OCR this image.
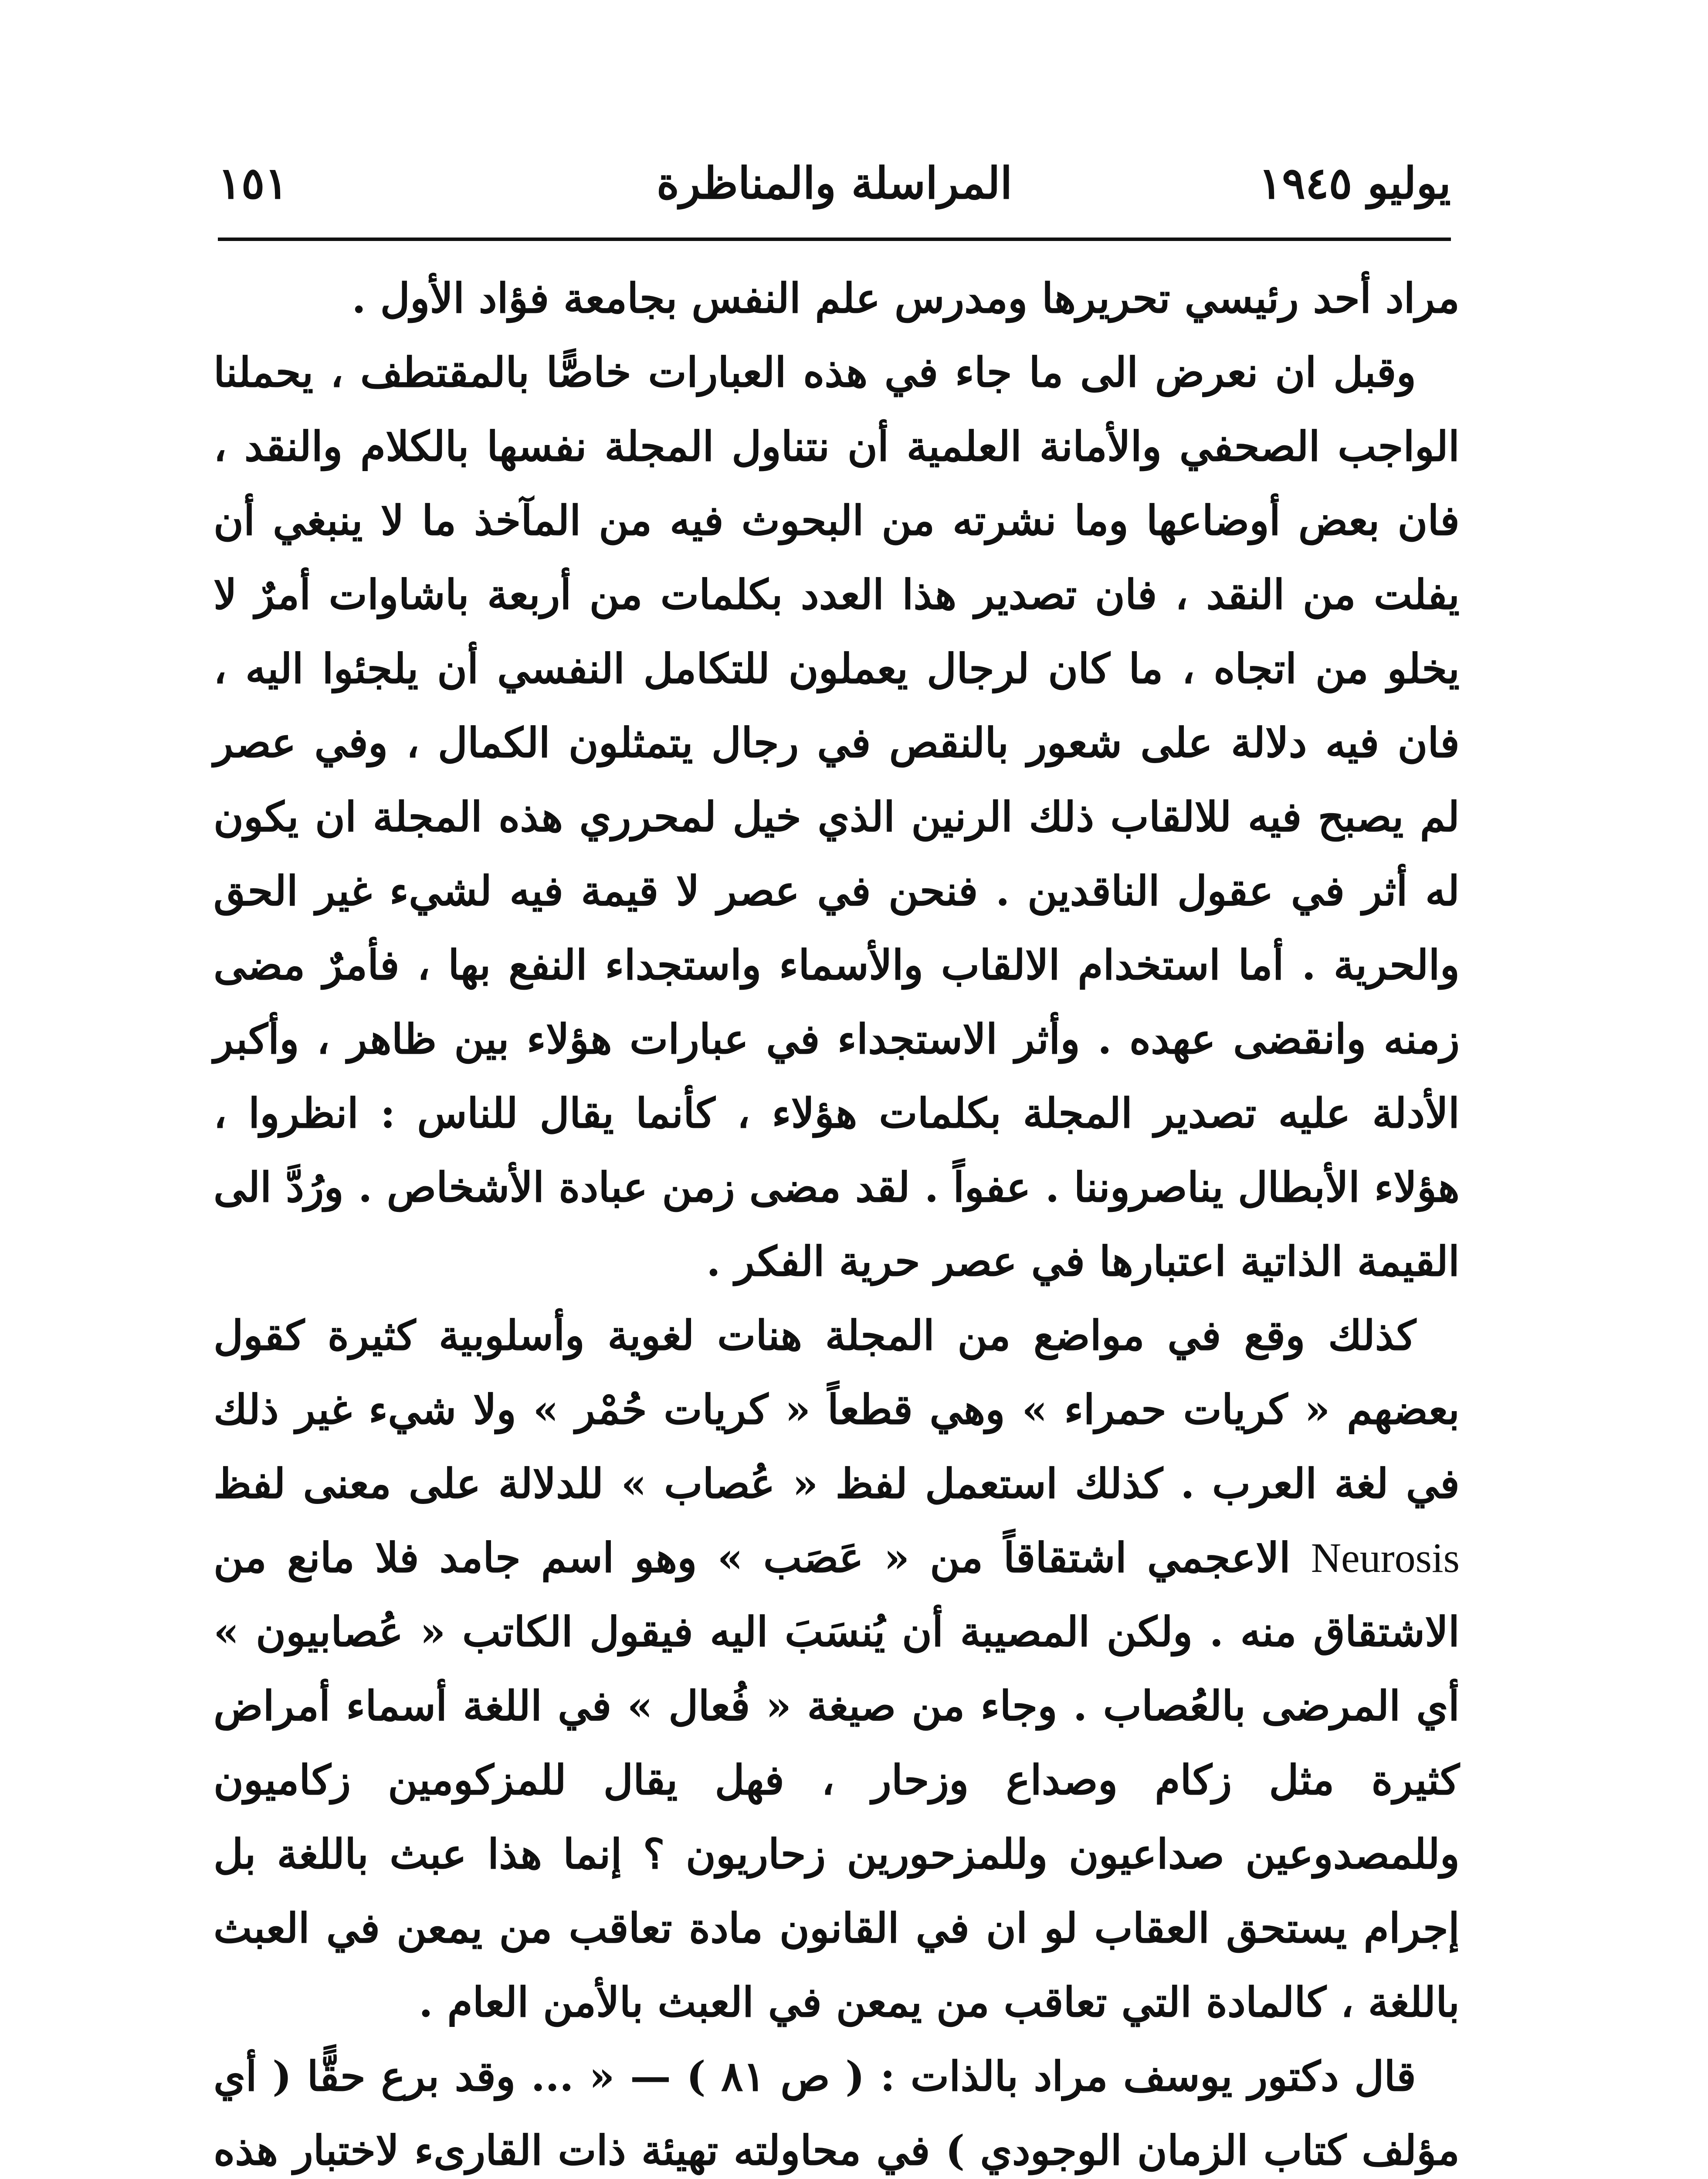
يوليو ١٩٤٥
المراسلة والمناظرة
١٥١

مراد أحد رئيسي تحريرها ومدرس علم النفس بجامعة فؤاد الأول .

وقبل ان نعرض الى ما جاء في هذه العبارات خاصًّا بالمقتطف ، يحملنا الواجب الصحفي والأمانة العلمية أن نتناول المجلة نفسها بالكلام والنقد ، فان بعض أوضاعها وما نشرته من البحوث فيه من المآخذ ما لا ينبغي أن يفلت من النقد ، فان تصدير هذا العدد بكلمات من أربعة باشاوات أمرٌ لا يخلو من اتجاه ، ما كان لرجال يعملون للتكامل النفسي أن يلجئوا اليه ، فان فيه دلالة على شعور بالنقص في رجال يتمثلون الكمال ، وفي عصر لم يصبح فيه للالقاب ذلك الرنين الذي خيل لمحرري هذه المجلة ان يكون له أثر في عقول الناقدين . فنحن في عصر لا قيمة فيه لشيء غير الحق والحرية . أما استخدام الالقاب والأسماء واستجداء النفع بها ، فأمرٌ مضى زمنه وانقضى عهده . وأثر الاستجداء في عبارات هؤلاء بين ظاهر ، وأكبر الأدلة عليه تصدير المجلة بكلمات هؤلاء ، كأنما يقال للناس : انظروا ، هؤلاء الأبطال يناصروننا . عفواً . لقد مضى زمن عبادة الأشخاص . ورُدَّ الى القيمة الذاتية اعتبارها في عصر حرية الفكر .

كذلك وقع في مواضع من المجلة هنات لغوية وأسلوبية كثيرة كقول بعضهم « كريات حمراء » وهي قطعاً « كريات حُمْر » ولا شيء غير ذلك في لغة العرب . كذلك استعمل لفظ « عُصاب » للدلالة على معنى لفظ Neurosis الاعجمي اشتقاقاً من « عَصَب » وهو اسم جامد فلا مانع من الاشتقاق منه . ولكن المصيبة أن يُنسَبَ اليه فيقول الكاتب « عُصابيون » أي المرضى بالعُصاب . وجاء من صيغة « فُعال » في اللغة أسماء أمراض كثيرة مثل زكام وصداع وزحار ، فهل يقال للمزكومين زكاميون وللمصدوعين صداعيون وللمزحورين زحاريون ؟ إنما هذا عبث باللغة بل إجرام يستحق العقاب لو ان في القانون مادة تعاقب من يمعن في العبث باللغة ، كالمادة التي تعاقب من يمعن في العبث بالأمن العام .

قال دكتور يوسف مراد بالذات : ( ص ٨١ ) — « ... وقد برع حقًّا ( أي مؤلف كتاب الزمان الوجودي ) في محاولته تهيئة ذات القارىء لاختبار هذه
